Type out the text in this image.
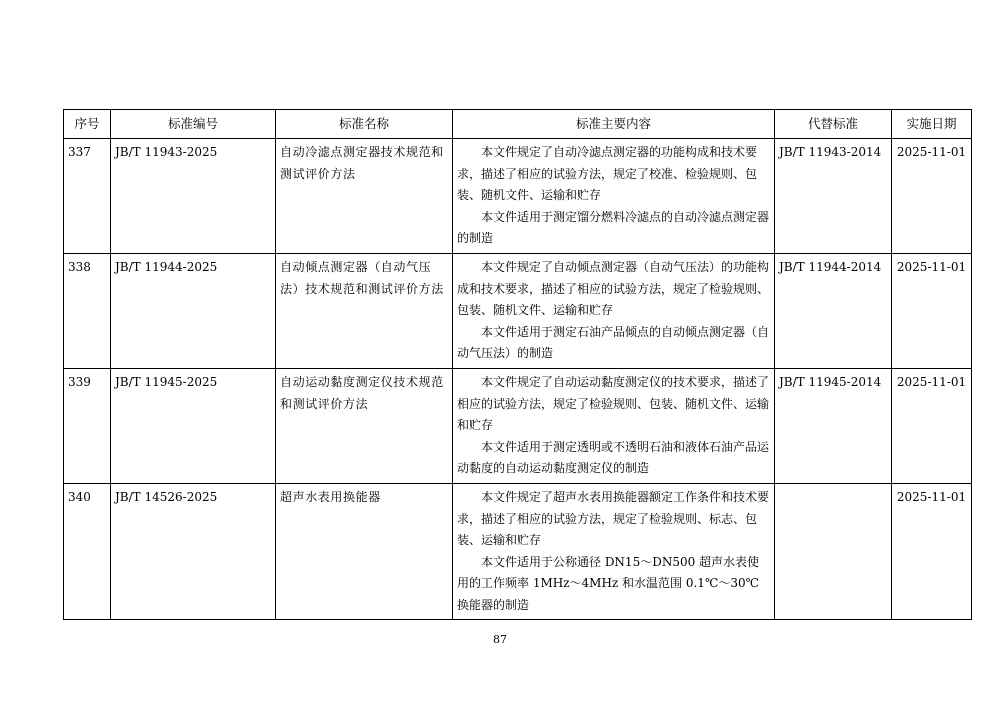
序号	标准编号	标准名称	标准主要内容	代替标准	实施日期
337	JB/T 11943-2025	自动冷滤点测定器技术规范和测试评价方法	本文件规定了自动冷滤点测定器的功能构成和技术要求，描述了相应的试验方法，规定了校准、检验规则、包装、随机文件、运输和贮存
本文件适用于测定馏分燃料冷滤点的自动冷滤点测定器的制造	JB/T 11943-2014	2025-11-01
338	JB/T 11944-2025	自动倾点测定器（自动气压法）技术规范和测试评价方法	本文件规定了自动倾点测定器（自动气压法）的功能构成和技术要求，描述了相应的试验方法，规定了检验规则、包装、随机文件、运输和贮存
本文件适用于测定石油产品倾点的自动倾点测定器（自动气压法）的制造	JB/T 11944-2014	2025-11-01
339	JB/T 11945-2025	自动运动黏度测定仪技术规范和测试评价方法	本文件规定了自动运动黏度测定仪的技术要求，描述了相应的试验方法，规定了检验规则、包装、随机文件、运输和贮存
本文件适用于测定透明或不透明石油和液体石油产品运动黏度的自动运动黏度测定仪的制造	JB/T 11945-2014	2025-11-01
340	JB/T 14526-2025	超声水表用换能器	本文件规定了超声水表用换能器额定工作条件和技术要求，描述了相应的试验方法，规定了检验规则、标志、包装、运输和贮存
本文件适用于公称通径 DN15～DN500 超声水表使用的工作频率 1MHz～4MHz 和水温范围 0.1℃～30℃换能器的制造		2025-11-01
87
